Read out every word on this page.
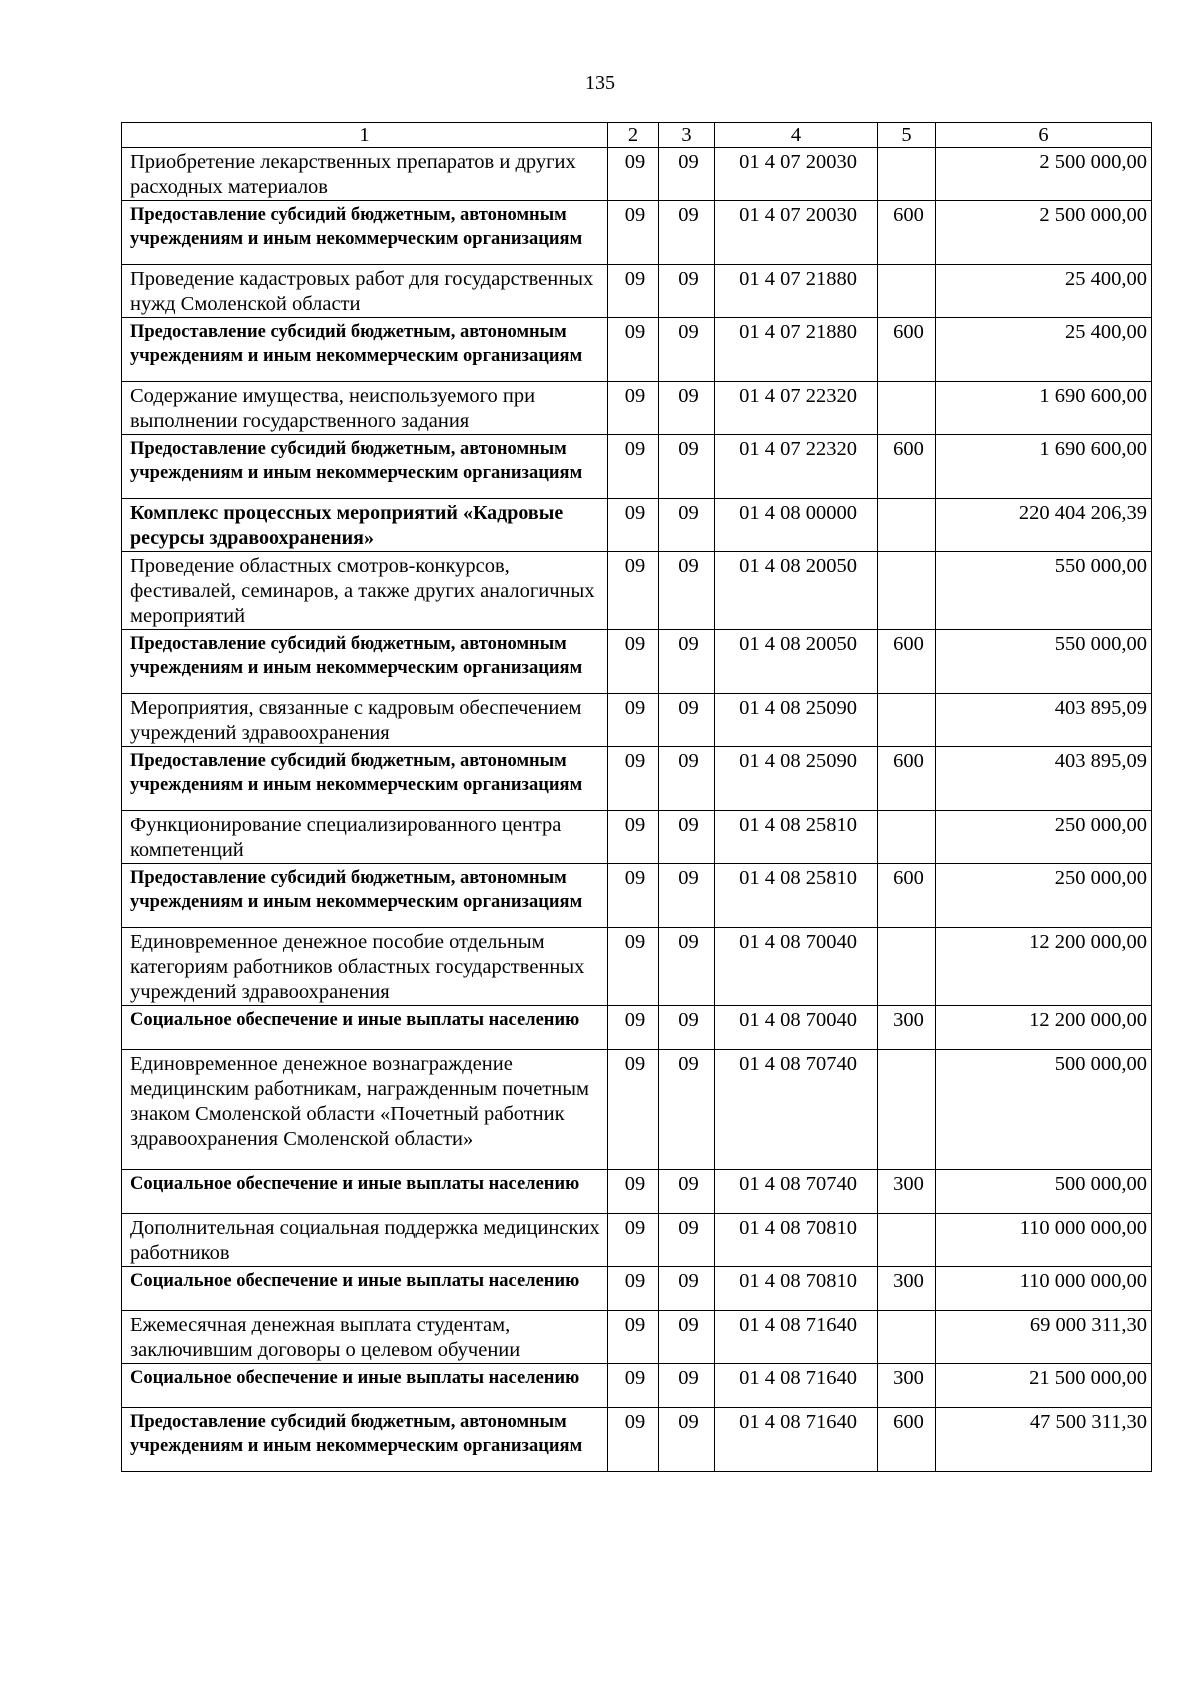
135
1	2	3	4	5	6
Приобретение лекарственных препаратов и других расходных материалов	09	09	01 4 07 20030		2 500 000,00
Предоставление субсидий бюджетным, автономным учреждениям и иным некоммерческим организациям	09	09	01 4 07 20030	600	2 500 000,00
Проведение кадастровых работ для государственных нужд Смоленской области	09	09	01 4 07 21880		25 400,00
Предоставление субсидий бюджетным, автономным учреждениям и иным некоммерческим организациям	09	09	01 4 07 21880	600	25 400,00
Содержание имущества, неиспользуемого при выполнении государственного задания	09	09	01 4 07 22320		1 690 600,00
Предоставление субсидий бюджетным, автономным учреждениям и иным некоммерческим организациям	09	09	01 4 07 22320	600	1 690 600,00
Комплекс процессных мероприятий «Кадровые ресурсы здравоохранения»	09	09	01 4 08 00000		220 404 206,39
Проведение областных смотров-конкурсов, фестивалей, семинаров, а также других аналогичных мероприятий	09	09	01 4 08 20050		550 000,00
Предоставление субсидий бюджетным, автономным учреждениям и иным некоммерческим организациям	09	09	01 4 08 20050	600	550 000,00
Мероприятия, связанные с кадровым обеспечением учреждений здравоохранения	09	09	01 4 08 25090		403 895,09
Предоставление субсидий бюджетным, автономным учреждениям и иным некоммерческим организациям	09	09	01 4 08 25090	600	403 895,09
Функционирование специализированного центра компетенций	09	09	01 4 08 25810		250 000,00
Предоставление субсидий бюджетным, автономным учреждениям и иным некоммерческим организациям	09	09	01 4 08 25810	600	250 000,00
Единовременное денежное пособие отдельным категориям работников областных государственных учреждений здравоохранения	09	09	01 4 08 70040		12 200 000,00
Социальное обеспечение и иные выплаты населению	09	09	01 4 08 70040	300	12 200 000,00
Единовременное денежное вознаграждение медицинским работникам, награжденным почетным знаком Смоленской области «Почетный работник здравоохранения Смоленской области»	09	09	01 4 08 70740		500 000,00
Социальное обеспечение и иные выплаты населению	09	09	01 4 08 70740	300	500 000,00
Дополнительная социальная поддержка медицинских работников	09	09	01 4 08 70810		110 000 000,00
Социальное обеспечение и иные выплаты населению	09	09	01 4 08 70810	300	110 000 000,00
Ежемесячная денежная выплата студентам, заключившим договоры о целевом обучении	09	09	01 4 08 71640		69 000 311,30
Социальное обеспечение и иные выплаты населению	09	09	01 4 08 71640	300	21 500 000,00
Предоставление субсидий бюджетным, автономным учреждениям и иным некоммерческим организациям	09	09	01 4 08 71640	600	47 500 311,30
